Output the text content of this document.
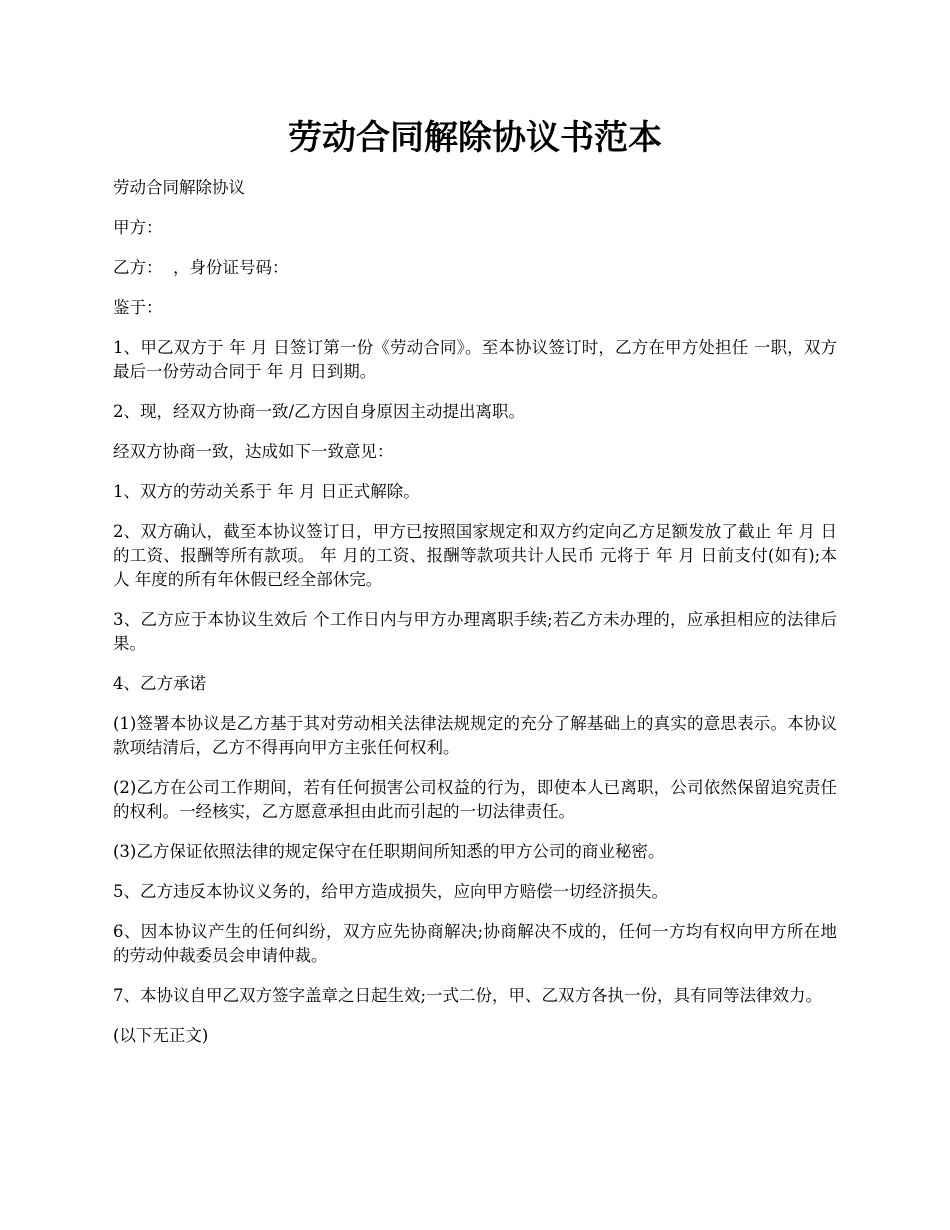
劳动合同解除协议书范本

劳动合同解除协议

甲方：

乙方：  ，身份证号码：

鉴于：

1、甲乙双方于 年 月 日签订第一份《劳动合同》。至本协议签订时，乙方在甲方处担任 一职，双方最后一份劳动合同于 年 月 日到期。

2、现，经双方协商一致/乙方因自身原因主动提出离职。

经双方协商一致，达成如下一致意见：

1、双方的劳动关系于 年 月 日正式解除。

2、双方确认，截至本协议签订日，甲方已按照国家规定和双方约定向乙方足额发放了截止 年 月 日的工资、报酬等所有款项。 年 月的工资、报酬等款项共计人民币 元将于 年 月 日前支付(如有);本人 年度的所有年休假已经全部休完。

3、乙方应于本协议生效后 个工作日内与甲方办理离职手续;若乙方未办理的，应承担相应的法律后果。

4、乙方承诺

(1)签署本协议是乙方基于其对劳动相关法律法规规定的充分了解基础上的真实的意思表示。本协议款项结清后，乙方不得再向甲方主张任何权利。

(2)乙方在公司工作期间，若有任何损害公司权益的行为，即使本人已离职，公司依然保留追究责任的权利。一经核实，乙方愿意承担由此而引起的一切法律责任。

(3)乙方保证依照法律的规定保守在任职期间所知悉的甲方公司的商业秘密。

5、乙方违反本协议义务的，给甲方造成损失，应向甲方赔偿一切经济损失。

6、因本协议产生的任何纠纷，双方应先协商解决;协商解决不成的，任何一方均有权向甲方所在地的劳动仲裁委员会申请仲裁。

7、本协议自甲乙双方签字盖章之日起生效;一式二份，甲、乙双方各执一份，具有同等法律效力。

(以下无正文)
